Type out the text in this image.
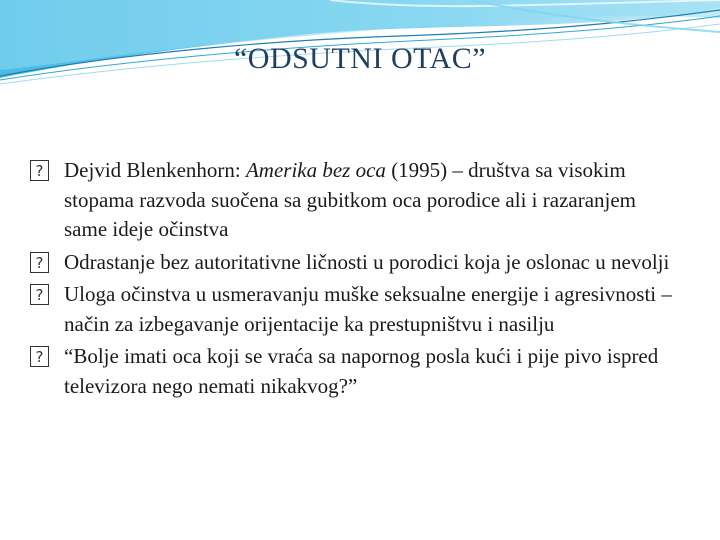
“ODSUTNI OTAC”
?
Dejvid Blenkenhorn: Amerika bez oca (1995) – društva sa visokim stopama razvoda suočena sa gubitkom oca porodice ali i razaranjem same ideje očinstva
?
Odrastanje bez autoritativne ličnosti u porodici koja je oslonac u nevolji
?
Uloga očinstva u usmeravanju muške seksualne energije i agresivnosti – način za izbegavanje orijentacije ka prestupništvu i nasilju
?
“Bolje imati oca koji se vraća sa napornog posla kući i pije pivo ispred televizora nego nemati nikakvog?”
